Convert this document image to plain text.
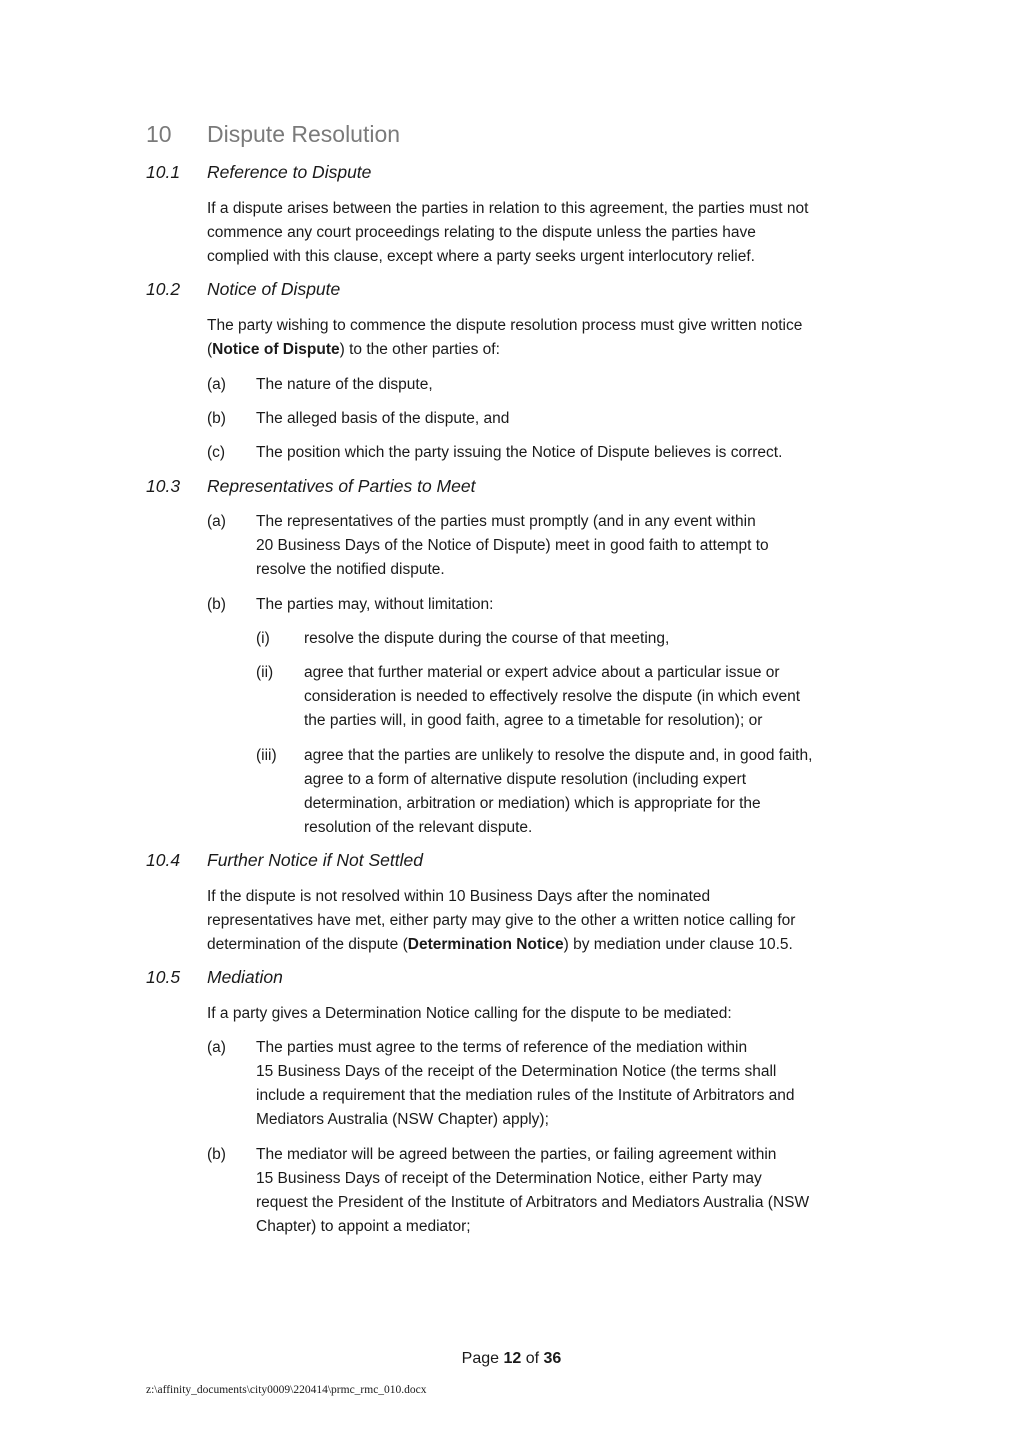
10 Dispute Resolution
10.1 Reference to Dispute
If a dispute arises between the parties in relation to this agreement, the parties must not
commence any court proceedings relating to the dispute unless the parties have
complied with this clause, except where a party seeks urgent interlocutory relief.
10.2 Notice of Dispute
The party wishing to commence the dispute resolution process must give written notice
(Notice of Dispute) to the other parties of:
(a) The nature of the dispute,
(b) The alleged basis of the dispute, and
(c) The position which the party issuing the Notice of Dispute believes is correct.
10.3 Representatives of Parties to Meet
(a) The representatives of the parties must promptly (and in any event within
20 Business Days of the Notice of Dispute) meet in good faith to attempt to
resolve the notified dispute.
(b) The parties may, without limitation:
(i) resolve the dispute during the course of that meeting,
(ii) agree that further material or expert advice about a particular issue or
consideration is needed to effectively resolve the dispute (in which event
the parties will, in good faith, agree to a timetable for resolution); or
(iii) agree that the parties are unlikely to resolve the dispute and, in good faith,
agree to a form of alternative dispute resolution (including expert
determination, arbitration or mediation) which is appropriate for the
resolution of the relevant dispute.
10.4 Further Notice if Not Settled
If the dispute is not resolved within 10 Business Days after the nominated
representatives have met, either party may give to the other a written notice calling for
determination of the dispute (Determination Notice) by mediation under clause 10.5.
10.5 Mediation
If a party gives a Determination Notice calling for the dispute to be mediated:
(a) The parties must agree to the terms of reference of the mediation within
15 Business Days of the receipt of the Determination Notice (the terms shall
include a requirement that the mediation rules of the Institute of Arbitrators and
Mediators Australia (NSW Chapter) apply);
(b) The mediator will be agreed between the parties, or failing agreement within
15 Business Days of receipt of the Determination Notice, either Party may
request the President of the Institute of Arbitrators and Mediators Australia (NSW
Chapter) to appoint a mediator;
Page 12 of 36
z:\affinity_documents\city0009\220414\prmc_rmc_010.docx
